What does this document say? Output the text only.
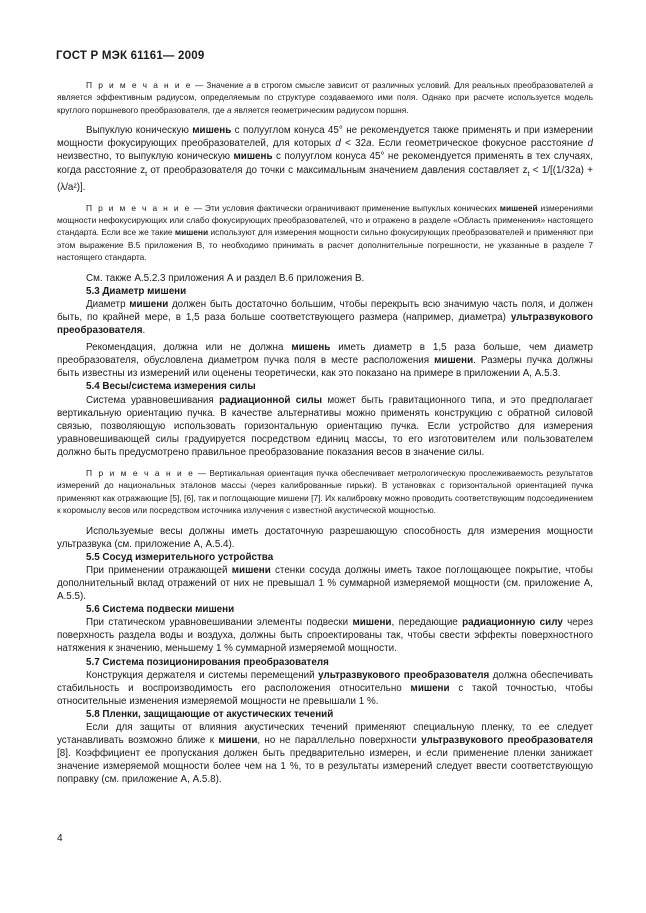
ГОСТ Р МЭК 61161— 2009

П р и м е ч а н и е — Значение a в строгом смысле зависит от различных условий. Для реальных преобразователей a является эффективным радиусом, определяемым по структуре создаваемого ими поля. Однако при расчете используется модель круглого поршневого преобразователя, где a является геометрическим радиусом поршня.

Выпуклую коническую мишень с полууглом конуса 45° не рекомендуется также применять и при измерении мощности фокусирующих преобразователей, для которых d < 32a. Если геометрическое фокусное расстояние d неизвестно, то выпуклую коническую мишень с полууглом конуса 45° не рекомендуется применять в тех случаях, когда расстояние $z_t$ от преобразователя до точки с максимальным значением давления составляет $z_t < 1/[(1/32a) + (\lambda/a^2)]$.

П р и м е ч а н и е — Эти условия фактически ограничивают применение выпуклых конических мишеней измерениями мощности нефокусирующих или слабо фокусирующих преобразователей, что и отражено в разделе «Область применения» настоящего стандарта. Если все же такие мишени используют для измерения мощности сильно фокусирующих преобразователей и применяют при этом выражение В.5 приложения В, то необходимо принимать в расчет дополнительные погрешности, не указанные в разделе 7 настоящего стандарта.

См. также А.5.2.3 приложения А и раздел В.6 приложения В.

5.3 Диаметр мишени

Диаметр мишени должен быть достаточно большим, чтобы перекрыть всю значимую часть поля, и должен быть, по крайней мере, в 1,5 раза больше соответствующего размера (например, диаметра) ультразвукового преобразователя.

Рекомендация, должна или не должна мишень иметь диаметр в 1,5 раза больше, чем диаметр преобразователя, обусловлена диаметром пучка поля в месте расположения мишени. Размеры пучка должны быть известны из измерений или оценены теоретически, как это показано на примере в приложении А, А.5.3.

5.4 Весы/система измерения силы

Система уравновешивания радиационной силы может быть гравитационного типа, и это предполагает вертикальную ориентацию пучка. В качестве альтернативы можно применять конструкцию с обратной силовой связью, позволяющую использовать горизонтальную ориентацию пучка. Если устройство для измерения уравновешивающей силы градуируется посредством единиц массы, то его изготовителем или пользователем должно быть предусмотрено правильное преобразование показания весов в значение силы.

П р и м е ч а н и е — Вертикальная ориентация пучка обеспечивает метрологическую прослеживаемость результатов измерений до национальных эталонов массы (через калиброванные гирьки). В установках с горизонтальной ориентацией пучка применяют как отражающие [5], [6], так и поглощающие мишени [7]. Их калибровку можно проводить соответствующим подсоединением к коромыслу весов или посредством источника излучения с известной акустической мощностью.

Используемые весы должны иметь достаточную разрешающую способность для измерения мощности ультразвука (см. приложение А, А.5.4).

5.5 Сосуд измерительного устройства

При применении отражающей мишени стенки сосуда должны иметь такое поглощающее покрытие, чтобы дополнительный вклад отражений от них не превышал 1 % суммарной измеряемой мощности (см. приложение А, А.5.5).

5.6 Система подвески мишени

При статическом уравновешивании элементы подвески мишени, передающие радиационную силу через поверхность раздела воды и воздуха, должны быть спроектированы так, чтобы свести эффекты поверхностного натяжения к значению, меньшему 1 % суммарной измеряемой мощности.

5.7 Система позиционирования преобразователя

Конструкция держателя и системы перемещений ультразвукового преобразователя должна обеспечивать стабильность и воспроизводимость его расположения относительно мишени с такой точностью, чтобы относительные изменения измеряемой мощности не превышали 1 %.

5.8 Пленки, защищающие от акустических течений

Если для защиты от влияния акустических течений применяют специальную пленку, то ее следует устанавливать возможно ближе к мишени, но не параллельно поверхности ультразвукового преобразователя [8]. Коэффициент ее пропускания должен быть предварительно измерен, и если применение пленки занижает значение измеряемой мощности более чем на 1 %, то в результаты измерений следует ввести соответствующую поправку (см. приложение А, А.5.8).

4
